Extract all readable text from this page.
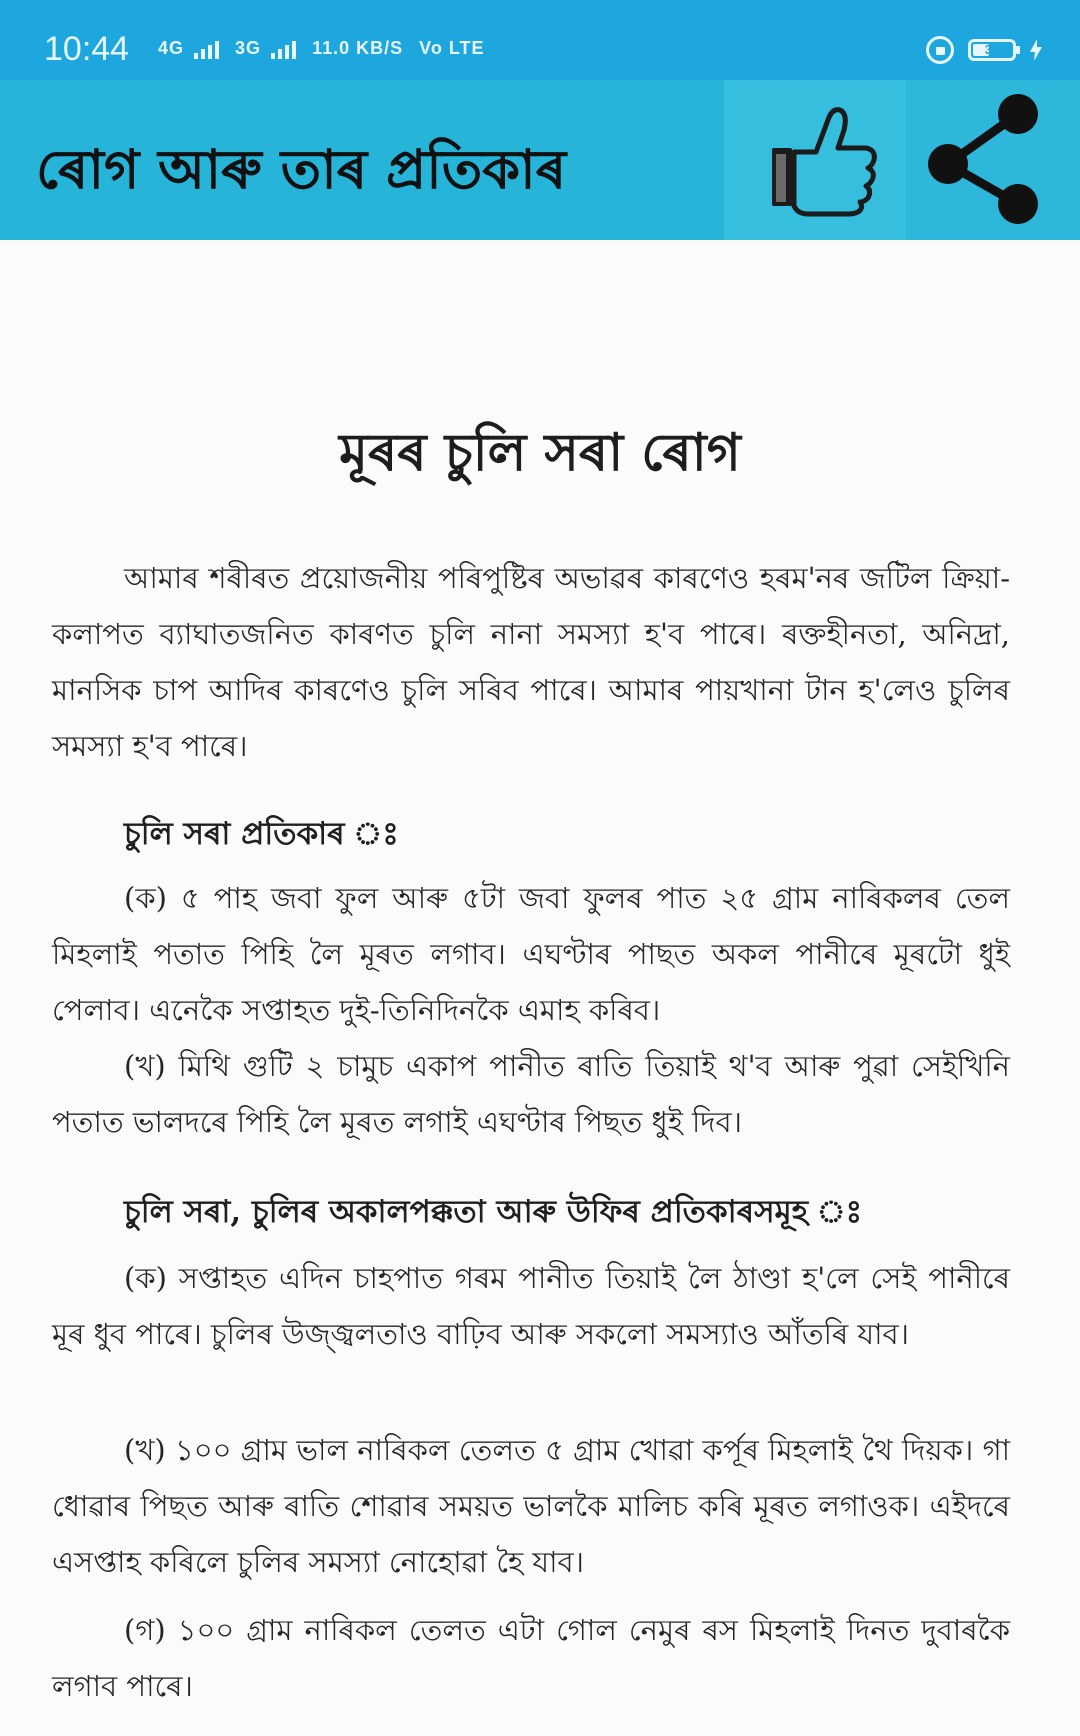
10:44 4G	3G	11.0 KB/S Vo LTE	38
ৰোগ আৰু তাৰ প্ৰতিকাৰ
মূৰৰ চুলি সৰা ৰোগ

আমাৰ শৰীৰত প্ৰয়োজনীয় পৰিপুষ্টিৰ অভাৱৰ কাৰণেও হৰম'নৰ জটিল ক্ৰিয়া-কলাপত ব্যাঘাতজনিত কাৰণত চুলি নানা সমস্যা হ'ব পাৰে। ৰক্তহীনতা, অনিদ্ৰা, মানসিক চাপ আদিৰ কাৰণেও চুলি সৰিব পাৰে। আমাৰ পায়খানা টান হ'লেও চুলিৰ সমস্যা হ'ব পাৰে।

চুলি সৰা প্ৰতিকাৰ ঃ

(ক) ৫ পাহ জবা ফুল আৰু ৫টা জবা ফুলৰ পাত ২৫ গ্ৰাম নাৰিকলৰ তেল মিহলাই পতাত পিহি লৈ মূৰত লগাব। এঘণ্টাৰ পাছত অকল পানীৰে মূৰটো ধুই পেলাব। এনেকৈ সপ্তাহত দুই-তিনিদিনকৈ এমাহ কৰিব।

(খ) মিথি গুটি ২ চামুচ একাপ পানীত ৰাতি তিয়াই থ'ব আৰু পুৱা সেইখিনি পতাত ভালদৰে পিহি লৈ মূৰত লগাই এঘণ্টাৰ পিছত ধুই দিব।

চুলি সৰা, চুলিৰ অকালপক্কতা আৰু উফিৰ প্ৰতিকাৰসমূহ ঃ

(ক) সপ্তাহত এদিন চাহপাত গৰম পানীত তিয়াই লৈ ঠাণ্ডা হ'লে সেই পানীৰে মূৰ ধুব পাৰে। চুলিৰ উজ্জ্বলতাও বাঢ়িব আৰু সকলো সমস্যাও আঁতৰি যাব।

(খ) ১০০ গ্ৰাম ভাল নাৰিকল তেলত ৫ গ্ৰাম খোৱা কৰ্পূৰ মিহলাই থৈ দিয়ক। গা ধোৱাৰ পিছত আৰু ৰাতি শোৱাৰ সময়ত ভালকৈ মালিচ কৰি মূৰত লগাওক। এইদৰে এসপ্তাহ কৰিলে চুলিৰ সমস্যা নোহোৱা হৈ যাব।

(গ) ১০০ গ্ৰাম নাৰিকল তেলত এটা গোল নেমুৰ ৰস মিহলাই দিনত দুবাৰকৈ লগাব পাৰে।
